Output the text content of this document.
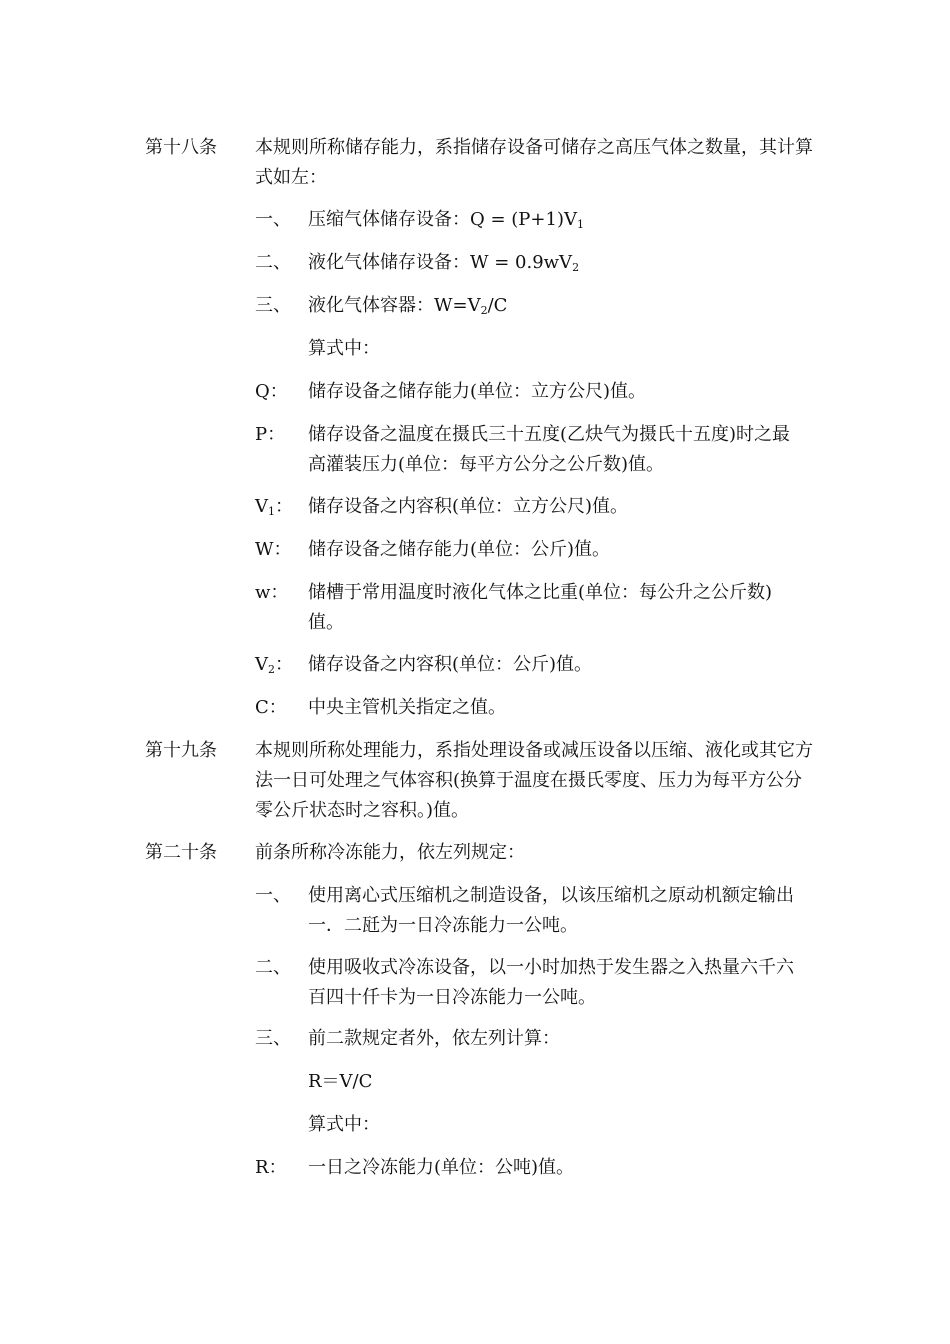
第十八条 本规则所称储存能力，系指储存设备可储存之高压气体之数量，其计算式如左：
一、 压缩气体储存设备：$Q = (P+1)V_1$
二、 液化气体储存设备：$W = 0.9wV_2$
三、 液化气体容器：$W=V_2/C$
算式中：
Q： 储存设备之储存能力(单位：立方公尺)值。
P： 储存设备之温度在摄氏三十五度(乙炔气为摄氏十五度)时之最高灌装压力(单位：每平方公分之公斤数)值。
$V_1$： 储存设备之内容积(单位：立方公尺)值。
W： 储存设备之储存能力(单位：公斤)值。
w： 储槽于常用温度时液化气体之比重(单位：每公升之公斤数)值。
$V_2$： 储存设备之内容积(单位：公斤)值。
C： 中央主管机关指定之值。
第十九条 本规则所称处理能力，系指处理设备或减压设备以压缩、液化或其它方法一日可处理之气体容积(换算于温度在摄氏零度、压力为每平方公分零公斤状态时之容积。)值。
第二十条 前条所称冷冻能力，依左列规定：
一、 使用离心式压缩机之制造设备，以该压缩机之原动机额定输出一．二瓩为一日冷冻能力一公吨。
二、 使用吸收式冷冻设备，以一小时加热于发生器之入热量六千六百四十仟卡为一日冷冻能力一公吨。
三、 前二款规定者外，依左列计算：
R＝V/C
算式中：
R： 一日之冷冻能力(单位：公吨)值。
